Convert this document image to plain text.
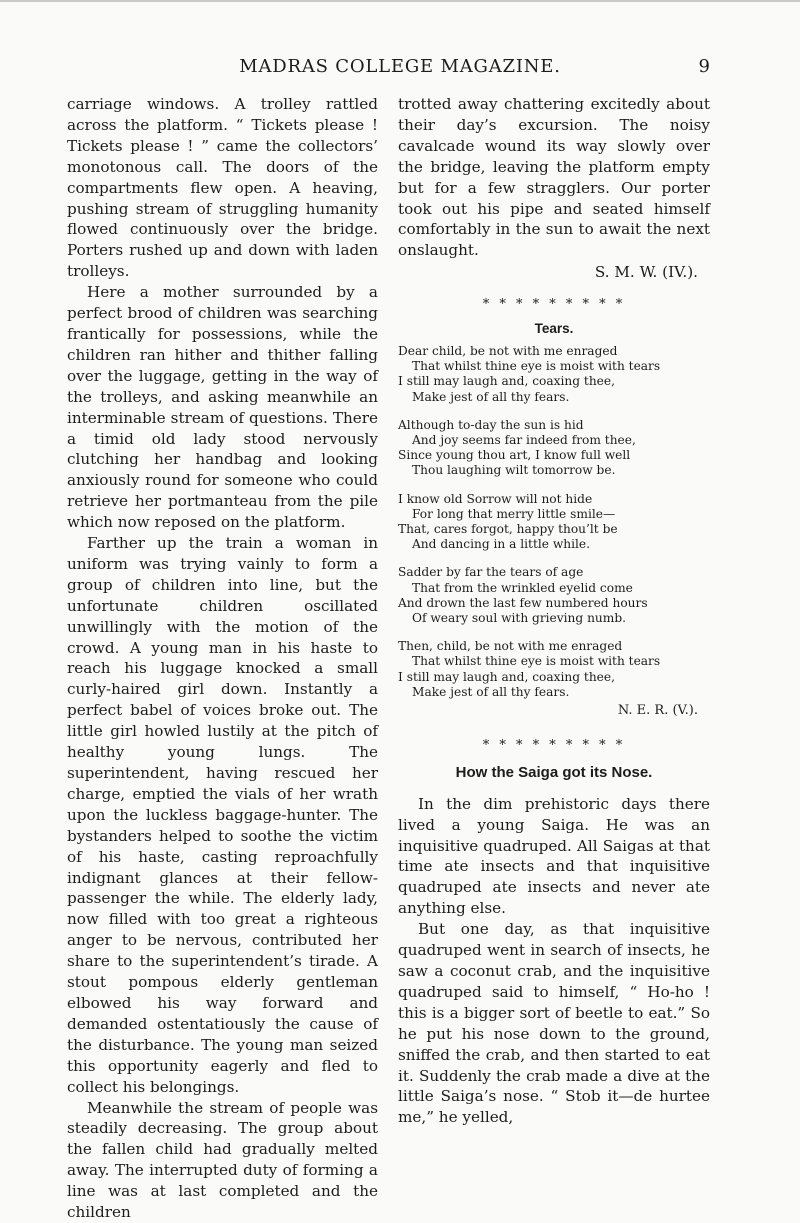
MADRAS COLLEGE MAGAZINE.	9

carriage windows. A trolley rattled across the platform. “ Tickets please ! Tickets please ! ” came the collectors’ monotonous call. The doors of the compartments flew open. A heaving, pushing stream of struggling humanity flowed continuously over the bridge. Porters rushed up and down with laden trolleys.

Here a mother surrounded by a perfect brood of children was searching frantically for possessions, while the children ran hither and thither falling over the luggage, getting in the way of the trolleys, and asking meanwhile an interminable stream of questions. There a timid old lady stood nervously clutching her handbag and looking anxiously round for someone who could retrieve her portmanteau from the pile which now reposed on the platform.

Farther up the train a woman in uniform was trying vainly to form a group of children into line, but the unfortunate children oscillated unwillingly with the motion of the crowd. A young man in his haste to reach his luggage knocked a small curly-haired girl down. Instantly a perfect babel of voices broke out. The little girl howled lustily at the pitch of healthy young lungs. The superintendent, having rescued her charge, emptied the vials of her wrath upon the luckless baggage-hunter. The bystanders helped to soothe the victim of his haste, casting reproachfully indignant glances at their fellow-passenger the while. The elderly lady, now filled with too great a righteous anger to be nervous, contributed her share to the superintendent’s tirade. A stout pompous elderly gentleman elbowed his way forward and demanded ostentatiously the cause of the disturbance. The young man seized this opportunity eagerly and fled to collect his belongings.

Meanwhile the stream of people was steadily decreasing. The group about the fallen child had gradually melted away. The interrupted duty of forming a line was at last completed and the children

trotted away chattering excitedly about their day’s excursion. The noisy cavalcade wound its way slowly over the bridge, leaving the platform empty but for a few stragglers. Our porter took out his pipe and seated himself comfortably in the sun to await the next onslaught.

S. M. W. (IV.).
* * * * * * * * *
Tears.
Dear child, be not with me enraged
That whilst thine eye is moist with tears
I still may laugh and, coaxing thee,
Make jest of all thy fears.
Although to-day the sun is hid
And joy seems far indeed from thee,
Since young thou art, I know full well
Thou laughing wilt tomorrow be.
I know old Sorrow will not hide
For long that merry little smile—
That, cares forgot, happy thou’lt be
And dancing in a little while.
Sadder by far the tears of age
That from the wrinkled eyelid come
And drown the last few numbered hours
Of weary soul with grieving numb.
Then, child, be not with me enraged
That whilst thine eye is moist with tears
I still may laugh and, coaxing thee,
Make jest of all thy fears.
N. E. R. (V.).
* * * * * * * * *
How the Saiga got its Nose.

In the dim prehistoric days there lived a young Saiga. He was an inquisitive quadruped. All Saigas at that time ate insects and that inquisitive quadruped ate insects and never ate anything else.

But one day, as that inquisitive quadruped went in search of insects, he saw a coconut crab, and the inquisitive quadruped said to himself, “ Ho-ho ! this is a bigger sort of beetle to eat.” So he put his nose down to the ground, sniffed the crab, and then started to eat it. Suddenly the crab made a dive at the little Saiga’s nose. “ Stob it—de hurtee me,” he yelled,
